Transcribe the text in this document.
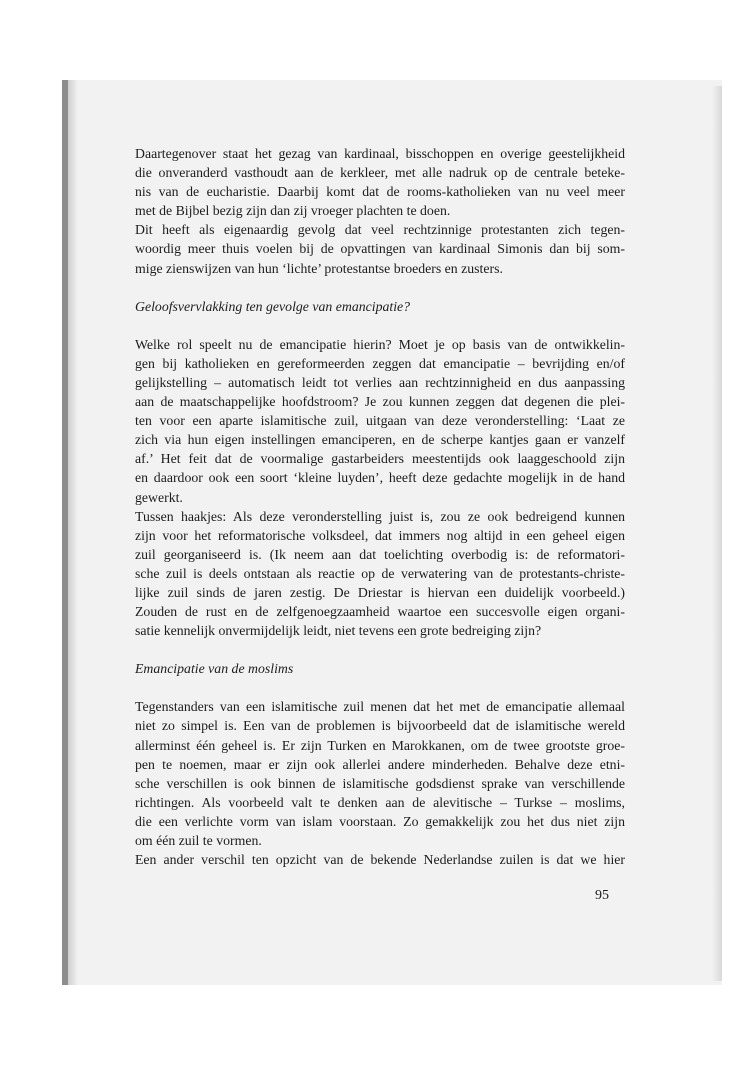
Daartegenover staat het gezag van kardinaal, bisschoppen en overige geestelijkheid
die onveranderd vasthoudt aan de kerkleer, met alle nadruk op de centrale beteke-
nis van de eucharistie. Daarbij komt dat de rooms-katholieken van nu veel meer
met de Bijbel bezig zijn dan zij vroeger plachten te doen.

Dit heeft als eigenaardig gevolg dat veel rechtzinnige protestanten zich tegen-
woordig meer thuis voelen bij de opvattingen van kardinaal Simonis dan bij som-
mige zienswijzen van hun ‘lichte’ protestantse broeders en zusters.

Geloofsvervlakking ten gevolge van emancipatie?

Welke rol speelt nu de emancipatie hierin? Moet je op basis van de ontwikkelin-
gen bij katholieken en gereformeerden zeggen dat emancipatie – bevrijding en/of
gelijkstelling – automatisch leidt tot verlies aan rechtzinnigheid en dus aanpassing
aan de maatschappelijke hoofdstroom? Je zou kunnen zeggen dat degenen die plei-
ten voor een aparte islamitische zuil, uitgaan van deze veronderstelling: ‘Laat ze
zich via hun eigen instellingen emanciperen, en de scherpe kantjes gaan er vanzelf
af.’ Het feit dat de voormalige gastarbeiders meestentijds ook laaggeschoold zijn
en daardoor ook een soort ‘kleine luyden’, heeft deze gedachte mogelijk in de hand
gewerkt.

Tussen haakjes: Als deze veronderstelling juist is, zou ze ook bedreigend kunnen
zijn voor het reformatorische volksdeel, dat immers nog altijd in een geheel eigen
zuil georganiseerd is. (Ik neem aan dat toelichting overbodig is: de reformatori-
sche zuil is deels ontstaan als reactie op de verwatering van de protestants-christe-
lijke zuil sinds de jaren zestig. De Driestar is hiervan een duidelijk voorbeeld.)
Zouden de rust en de zelfgenoegzaamheid waartoe een succesvolle eigen organi-
satie kennelijk onvermijdelijk leidt, niet tevens een grote bedreiging zijn?

Emancipatie van de moslims

Tegenstanders van een islamitische zuil menen dat het met de emancipatie allemaal
niet zo simpel is. Een van de problemen is bijvoorbeeld dat de islamitische wereld
allerminst één geheel is. Er zijn Turken en Marokkanen, om de twee grootste groe-
pen te noemen, maar er zijn ook allerlei andere minderheden. Behalve deze etni-
sche verschillen is ook binnen de islamitische godsdienst sprake van verschillende
richtingen. Als voorbeeld valt te denken aan de alevitische – Turkse – moslims,
die een verlichte vorm van islam voorstaan. Zo gemakkelijk zou het dus niet zijn
om één zuil te vormen.

Een ander verschil ten opzicht van de bekende Nederlandse zuilen is dat we hier

95
